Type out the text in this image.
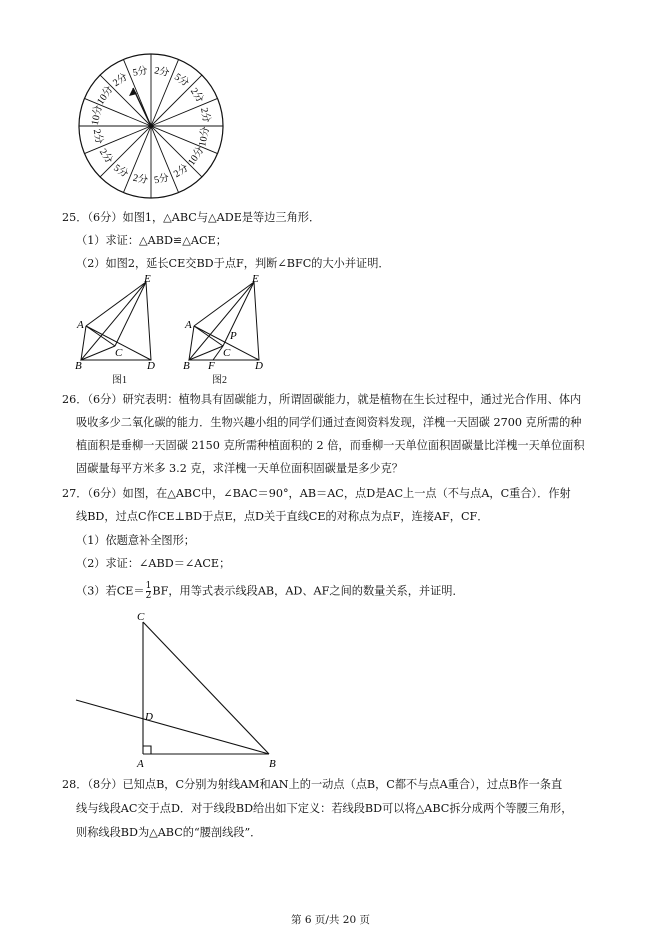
5分 2分 5分
2分
2分
10分
10分
2分
5分
2分
5分
2分
2分
10分
10分
2分
25．（6分）如图1，△ABC与△ADE是等边三角形．
（1）求证：△ABD≌△ACE；
（2）如图2，延长CE交BD于点F，判断∠BFC的大小并证明．
A
B
C
D
E
图1
A
B
C
D
E
F
P
图2
26．（6分）研究表明：植物具有固碳能力，所谓固碳能力，就是植物在生长过程中，通过光合作用、体内
吸收多少二氧化碳的能力．生物兴趣小组的同学们通过查阅资料发现，洋槐一天固碳 2700 克所需的种
植面积是垂柳一天固碳 2150 克所需种植面积的 2 倍，而垂柳一天单位面积固碳量比洋槐一天单位面积
固碳量每平方米多 3.2 克，求洋槐一天单位面积固碳量是多少克？
27．（6分）如图，在△ABC中，∠BAC＝90°，AB＝AC，点D是AC上一点（不与点A，C重合）．作射
线BD，过点C作CE⊥BD于点E，点D关于直线CE的对称点为点F，连接AF，CF．
（1）依题意补全图形；
（2）求证：∠ABD＝∠ACE；
（3）若$CE= \frac{1}{2}$ BF，用等式表示线段AB，AD、AF之间的数量关系，并证明．
C
D
A	B
28．（8分）已知点B，C分别为射线AM和AN上的一动点（点B，C都不与点A重合），过点B作一条直
线与线段AC交于点D．对于线段BD给出如下定义：若线段BD可以将△ABC拆分成两个等腰三角形，
则称线段BD为△ABC的“腰剖线段”．
第 6 页/共 20 页
